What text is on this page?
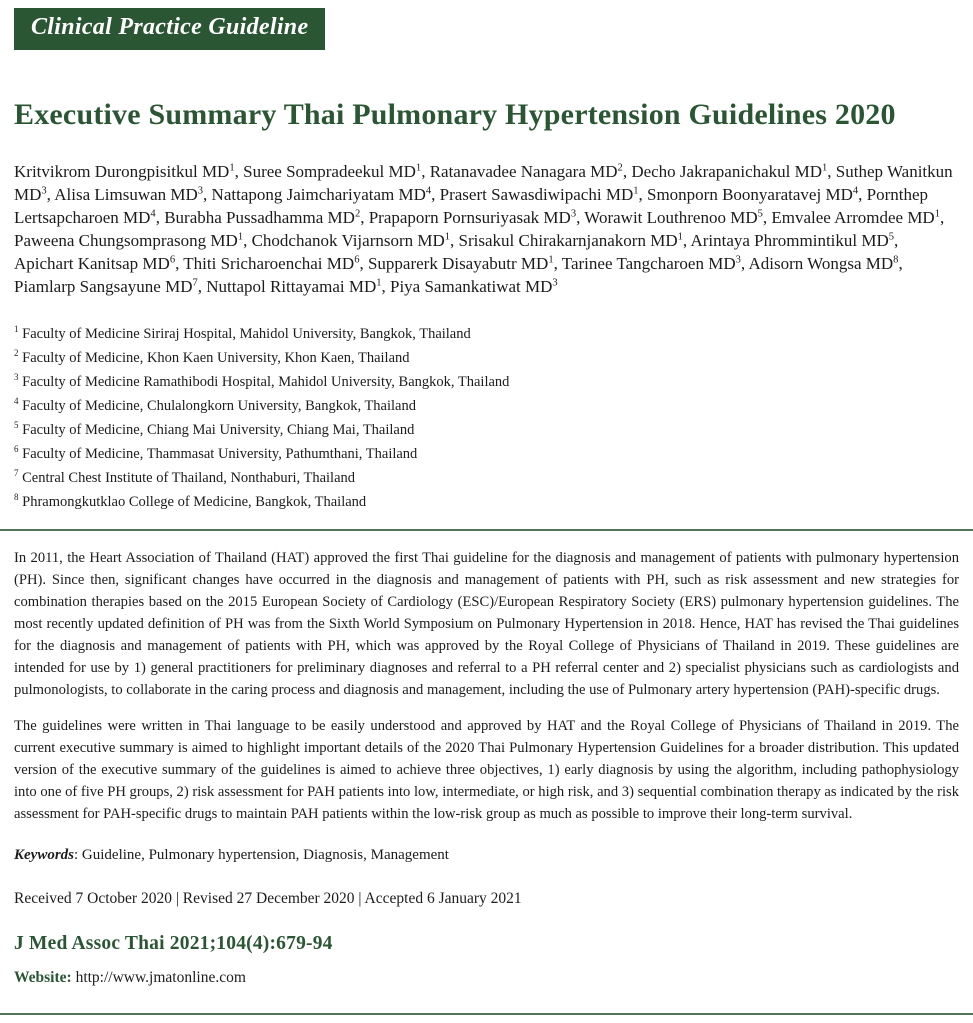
Clinical Practice Guideline
Executive Summary Thai Pulmonary Hypertension Guidelines 2020

Kritvikrom Durongpisitkul $MD^1$, Suree Sompradeekul $MD^1$, Ratanavadee Nanagara $MD^2$, Decho Jakrapanichakul $MD^1$, Suthep Wanitkun $MD^3$, Alisa Limsuwan $MD^3$, Nattapong Jaimchariyatam $MD^4$, Prasert Sawasdiwipachi $MD^1$, Smonporn Boonyaratavej $MD^4$, Pornthep Lertsapcharoen $MD^4$, Burabha Pussadhamma $MD^2$, Prapaporn Pornsuriyasak $MD^3$, Worawit Louthrenoo $MD^5$, Emvalee Arromdee $MD^1$, Paweena Chungsomprasong $MD^1$, Chodchanok Vijarnsorn $MD^1$, Srisakul Chirakarnjanakorn $MD^1$, Arintaya Phrommintikul $MD^5$, Apichart Kanitsap $MD^6$, Thiti Sricharoenchai $MD^6$, Supparerk Disayabutr $MD^1$, Tarinee Tangcharoen $MD^3$, Adisorn Wongsa $MD^8$, Piamlarp Sangsayune $MD^7$, Nuttapol Rittayamai $MD^1$, Piya Samankatiwat $MD^3$

$^1$ Faculty of Medicine Siriraj Hospital, Mahidol University, Bangkok, Thailand
$^2$ Faculty of Medicine, Khon Kaen University, Khon Kaen, Thailand
$^3$ Faculty of Medicine Ramathibodi Hospital, Mahidol University, Bangkok, Thailand
$^4$ Faculty of Medicine, Chulalongkorn University, Bangkok, Thailand
$^5$ Faculty of Medicine, Chiang Mai University, Chiang Mai, Thailand
$^6$ Faculty of Medicine, Thammasat University, Pathumthani, Thailand
$^7$ Central Chest Institute of Thailand, Nonthaburi, Thailand
$^8$ Phramongkutklao College of Medicine, Bangkok, Thailand

In 2011, the Heart Association of Thailand (HAT) approved the first Thai guideline for the diagnosis and management of patients with pulmonary hypertension (PH). Since then, significant changes have occurred in the diagnosis and management of patients with PH, such as risk assessment and new strategies for combination therapies based on the 2015 European Society of Cardiology (ESC)/European Respiratory Society (ERS) pulmonary hypertension guidelines. The most recently updated definition of PH was from the Sixth World Symposium on Pulmonary Hypertension in 2018. Hence, HAT has revised the Thai guidelines for the diagnosis and management of patients with PH, which was approved by the Royal College of Physicians of Thailand in 2019. These guidelines are intended for use by 1) general practitioners for preliminary diagnoses and referral to a PH referral center and 2) specialist physicians such as cardiologists and pulmonologists, to collaborate in the caring process and diagnosis and management, including the use of Pulmonary artery hypertension (PAH)-specific drugs.

The guidelines were written in Thai language to be easily understood and approved by HAT and the Royal College of Physicians of Thailand in 2019. The current executive summary is aimed to highlight important details of the 2020 Thai Pulmonary Hypertension Guidelines for a broader distribution. This updated version of the executive summary of the guidelines is aimed to achieve three objectives, 1) early diagnosis by using the algorithm, including pathophysiology into one of five PH groups, 2) risk assessment for PAH patients into low, intermediate, or high risk, and 3) sequential combination therapy as indicated by the risk assessment for PAH-specific drugs to maintain PAH patients within the low-risk group as much as possible to improve their long-term survival.

Keywords: Guideline, Pulmonary hypertension, Diagnosis, Management

Received 7 October 2020 | Revised 27 December 2020 | Accepted 6 January 2021

J Med Assoc Thai 2021;104(4):679-94

Website: http://www.jmatonline.com
